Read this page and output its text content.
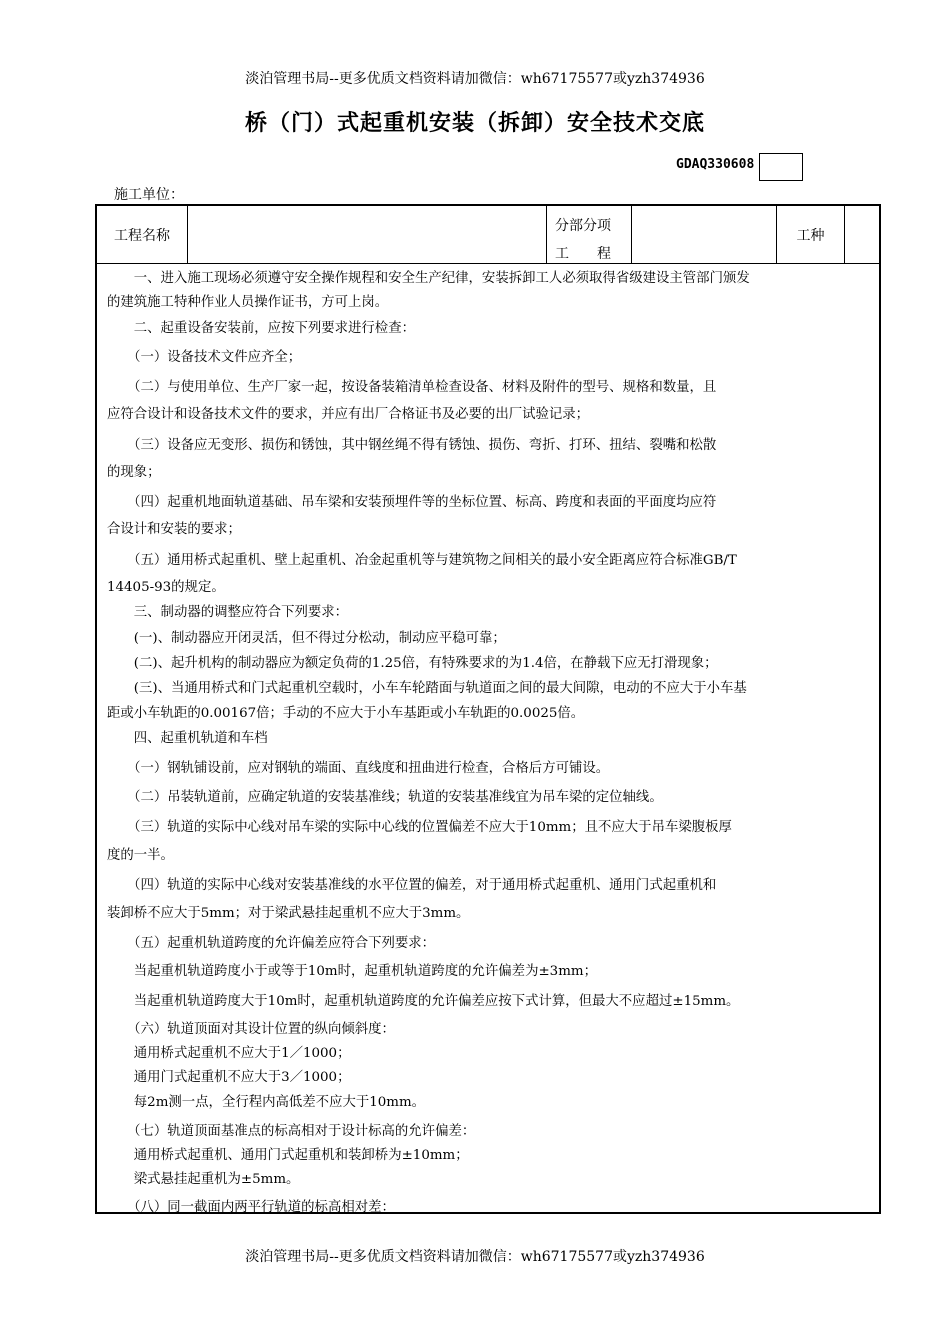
淡泊管理书局--更多优质文档资料请加微信：wh67175577或yzh374936
桥（门）式起重机安装（拆卸）安全技术交底
GDAQ330608
施工单位：
工程名称
分部分项
工　　程
工种
　　一、进入施工现场必须遵守安全操作规程和安全生产纪律，安装拆卸工人必须取得省级建设主管部门颁发
的建筑施工特种作业人员操作证书，方可上岗。
　　二、起重设备安装前，应按下列要求进行检查：
　　（一）设备技术文件应齐全；
　　（二）与使用单位、生产厂家一起，按设备装箱清单检查设备、材料及附件的型号、规格和数量，且
应符合设计和设备技术文件的要求，并应有出厂合格证书及必要的出厂试验记录；
　　（三）设备应无变形、损伤和锈蚀，其中钢丝绳不得有锈蚀、损伤、弯折、打环、扭结、裂嘴和松散
的现象；
　　（四）起重机地面轨道基础、吊车梁和安装预埋件等的坐标位置、标高、跨度和表面的平面度均应符
合设计和安装的要求；
　　（五）通用桥式起重机、壁上起重机、冶金起重机等与建筑物之间相关的最小安全距离应符合标准GB/T
14405-93的规定。
　　三、制动器的调整应符合下列要求：
　　(一)、制动器应开闭灵活，但不得过分松动，制动应平稳可靠；
　　(二)、起升机构的制动器应为额定负荷的1.25倍，有特殊要求的为1.4倍，在静载下应无打滑现象；
　　(三)、当通用桥式和门式起重机空载时，小车车轮踏面与轨道面之间的最大间隙，电动的不应大于小车基
距或小车轨距的0.00167倍；手动的不应大于小车基距或小车轨距的0.0025倍。
　　四、起重机轨道和车档
　　（一）钢轨铺设前，应对钢轨的端面、直线度和扭曲进行检查，合格后方可铺设。
　　（二）吊装轨道前，应确定轨道的安装基准线；轨道的安装基准线宜为吊车梁的定位轴线。
　　（三）轨道的实际中心线对吊车梁的实际中心线的位置偏差不应大于10mm；且不应大于吊车梁腹板厚
度的一半。
　　（四）轨道的实际中心线对安装基准线的水平位置的偏差，对于通用桥式起重机、通用门式起重机和
装卸桥不应大于5mm；对于梁武悬挂起重机不应大于3mm。
　　（五）起重机轨道跨度的允许偏差应符合下列要求：
　　当起重机轨道跨度小于或等于10m时，起重机轨道跨度的允许偏差为±3mm；
　　当起重机轨道跨度大于10m时，起重机轨道跨度的允许偏差应按下式计算，但最大不应超过±15mm。
　　（六）轨道顶面对其设计位置的纵向倾斜度：
　　通用桥式起重机不应大于1／1000；
　　通用门式起重机不应大于3／1000；
　　每2m测一点，全行程内高低差不应大于10mm。
　　（七）轨道顶面基准点的标高相对于设计标高的允许偏差：
　　通用桥式起重机、通用门式起重机和装卸桥为±10mm；
　　梁式悬挂起重机为±5mm。
　　（八）同一截面内两平行轨道的标高相对差：
淡泊管理书局--更多优质文档资料请加微信：wh67175577或yzh374936
